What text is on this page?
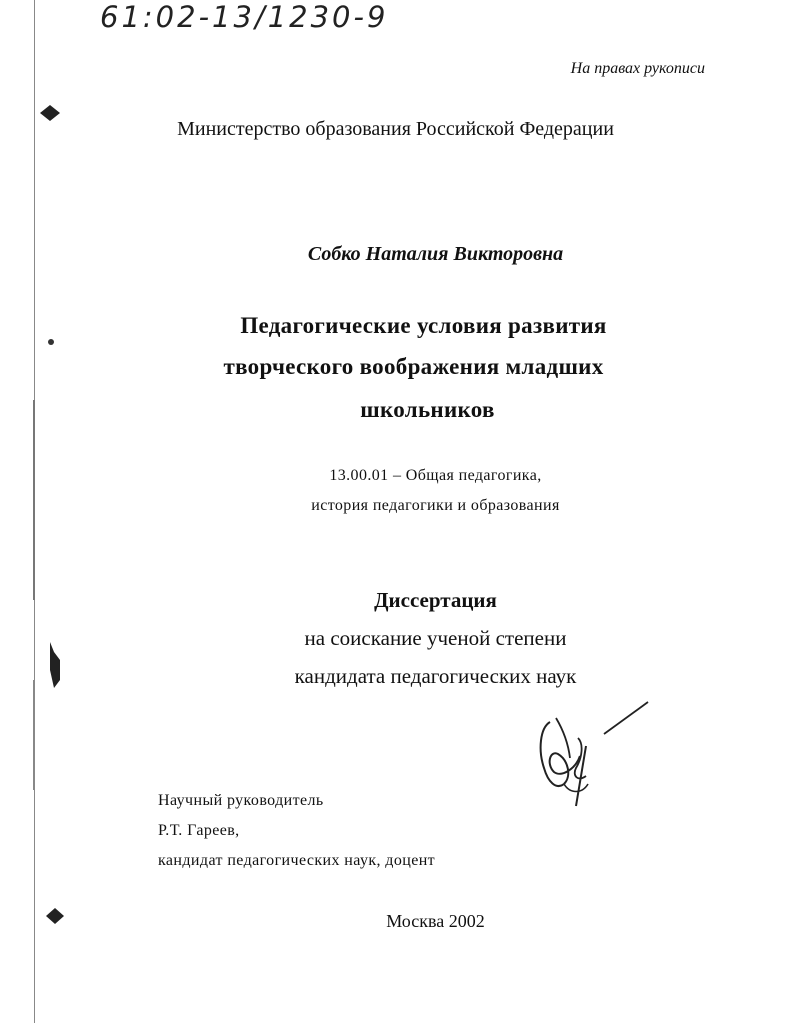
61:02-13/1230-9
На правах рукописи
Министерство образования Российской Федерации
Собко Наталия Викторовна
Педагогические условия развития
творческого воображения младших
школьников
13.00.01 – Общая педагогика,
история педагогики и образования
Диссертация
на соискание ученой степени
кандидата педагогических наук
Научный руководитель
Р.Т. Гареев,
кандидат педагогических наук, доцент
Москва 2002
